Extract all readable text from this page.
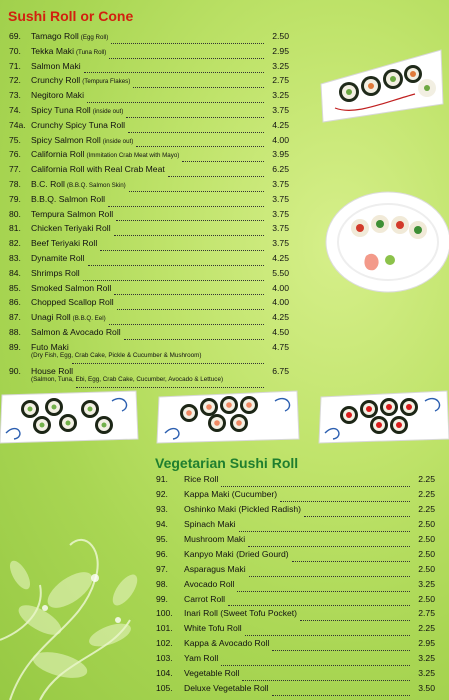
Sushi Roll or Cone
69.	Tamago Roll (Egg Roll)	2.50
70.	Tekka Maki (Tuna Roll)	2.95
71.	Salmon Maki	3.25
72.	Crunchy Roll (Tempura Flakes)	2.75
73.	Negitoro Maki	3.25
74.	Spicy Tuna Roll (inside out)	3.75
74a. Crunchy Spicy Tuna Roll	4.25
75.	Spicy Salmon Roll (inside out)	4.00
76.	California Roll (Immitation Crab Meat with Mayo)	3.95
77.	California Roll with Real Crab Meat	6.25
78.	B.C. Roll (B.B.Q. Salmon Skin)	3.75
79.	B.B.Q. Salmon Roll	3.75
80.	Tempura Salmon Roll	3.75
81.	Chicken Teriyaki Roll	3.75
82.	Beef Teriyaki Roll	3.75
83.	Dynamite Roll	4.25
84.	Shrimps Roll	5.50
85.	Smoked Salmon Roll	4.00
86.	Chopped Scallop Roll	4.00
87.	Unagi Roll (B.B.Q. Eel)	4.25
88.	Salmon & Avocado Roll	4.50
89.	Futo Maki	4.75
(Dry Fish, Egg, Crab Cake, Pickle & Cucumber & Mushroom)
90.	House Roll	6.75
(Salmon, Tuna, Ebi, Egg, Crab Cake, Cucumber, Avocado & Lettuce)
Vegetarian Sushi Roll
91.	Rice Roll	2.25
92.	Kappa Maki (Cucumber)	2.25
93.	Oshinko Maki (Pickled Radish)	2.25
94.	Spinach Maki	2.50
95.	Mushroom Maki	2.50
96.	Kanpyo Maki (Dried Gourd)	2.50
97.	Asparagus Maki	2.50
98.	Avocado Roll	3.25
99.	Carrot Roll	2.50
100.	Inari Roll (Sweet Tofu Pocket)	2.75
101.	White Tofu Roll	2.25
102.	Kappa & Avocado Roll	2.95
103.	Yam Roll	3.25
104.	Vegetable Roll	3.25
105.	Deluxe Vegetable Roll	3.50
